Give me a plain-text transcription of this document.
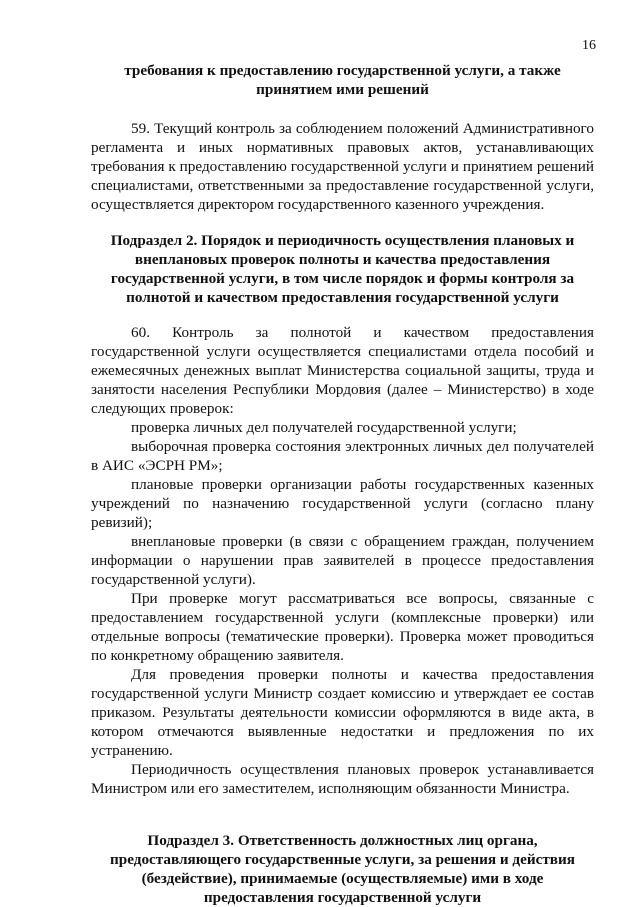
16

требования к предоставлению государственной услуги, а также принятием ими решений

59. Текущий контроль за соблюдением положений Административного регламента и иных нормативных правовых актов, устанавливающих требования к предоставлению государственной услуги и принятием решений специалистами, ответственными за предоставление государственной услуги, осуществляется директором государственного казенного учреждения.

Подраздел 2. Порядок и периодичность осуществления плановых и внеплановых проверок полноты и качества предоставления государственной услуги, в том числе порядок и формы контроля за полнотой и качеством предоставления государственной услуги

60. Контроль за полнотой и качеством предоставления государственной услуги осуществляется специалистами отдела пособий и ежемесячных денежных выплат Министерства социальной защиты, труда и занятости населения Республики Мордовия (далее – Министерство) в ходе следующих проверок:

проверка личных дел получателей государственной услуги;

выборочная проверка состояния электронных личных дел получателей в АИС «ЭСРН РМ»;

плановые проверки организации работы государственных казенных учреждений по назначению государственной услуги (согласно плану ревизий);

внеплановые проверки (в связи с обращением граждан, получением информации о нарушении прав заявителей в процессе предоставления государственной услуги).

При проверке могут рассматриваться все вопросы, связанные с предоставлением государственной услуги (комплексные проверки) или отдельные вопросы (тематические проверки). Проверка может проводиться по конкретному обращению заявителя.

Для проведения проверки полноты и качества предоставления государственной услуги Министр создает комиссию и утверждает ее состав приказом. Результаты деятельности комиссии оформляются в виде акта, в котором отмечаются выявленные недостатки и предложения по их устранению.

Периодичность осуществления плановых проверок устанавливается Министром или его заместителем, исполняющим обязанности Министра.

Подраздел 3. Ответственность должностных лиц органа, предоставляющего государственные услуги, за решения и действия (бездействие), принимаемые (осуществляемые) ими в ходе предоставления государственной услуги
